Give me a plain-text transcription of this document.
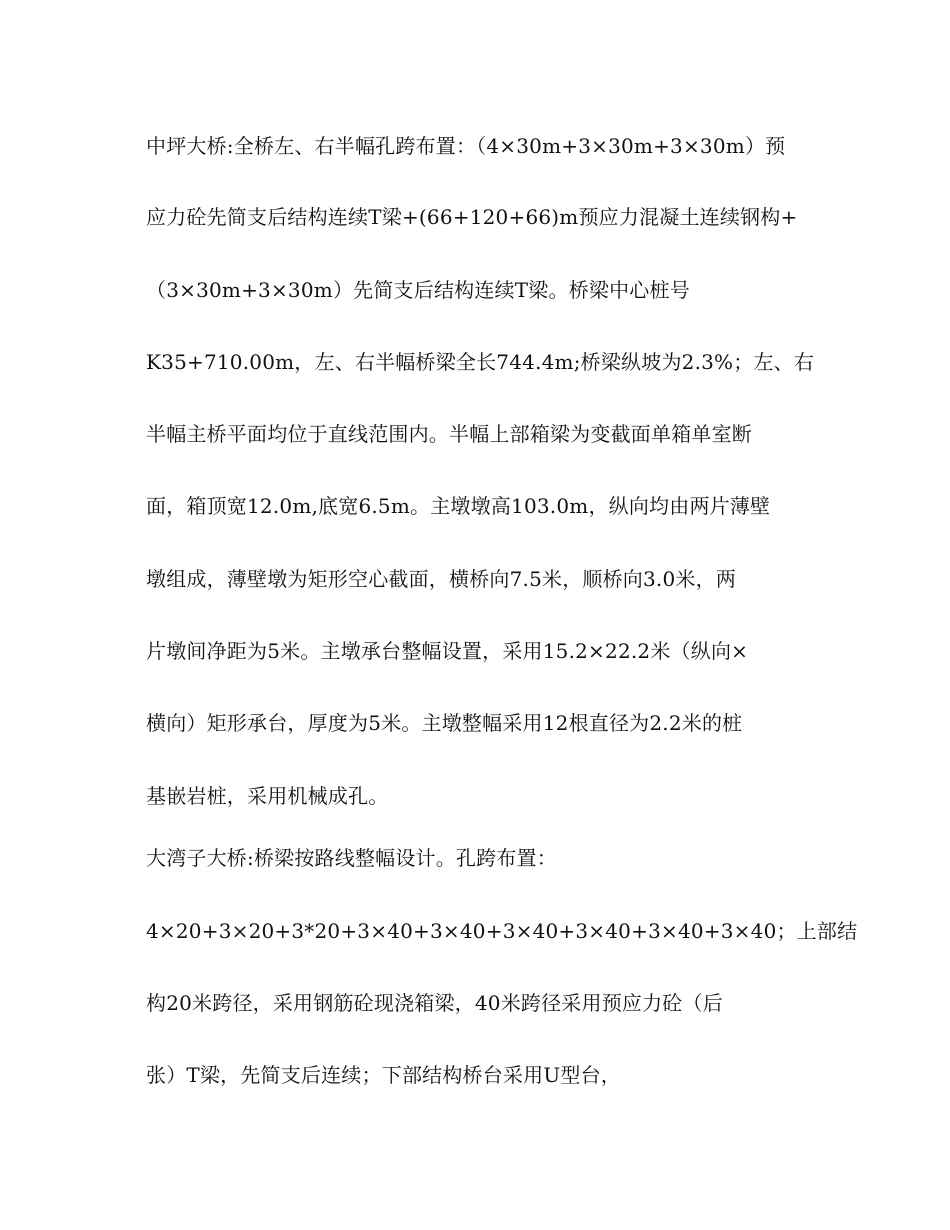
中坪大桥:全桥左、右半幅孔跨布置：（4×30m+3×30m+3×30m）预
应力砼先简支后结构连续T梁+(66+120+66)m预应力混凝土连续钢构+
（3×30m+3×30m）先简支后结构连续T梁。桥梁中心桩号
K35+710.00m，左、右半幅桥梁全长744.4m;桥梁纵坡为2.3%；左、右
半幅主桥平面均位于直线范围内。半幅上部箱梁为变截面单箱单室断
面，箱顶宽12.0m,底宽6.5m。主墩墩高103.0m，纵向均由两片薄壁
墩组成，薄壁墩为矩形空心截面，横桥向7.5米，顺桥向3.0米，两
片墩间净距为5米。主墩承台整幅设置，采用15.2×22.2米（纵向×
横向）矩形承台，厚度为5米。主墩整幅采用12根直径为2.2米的桩
基嵌岩桩，采用机械成孔。
大湾子大桥:桥梁按路线整幅设计。孔跨布置：
4×20+3×20+3*20+3×40+3×40+3×40+3×40+3×40+3×40；上部结
构20米跨径，采用钢筋砼现浇箱梁，40米跨径采用预应力砼（后
张）T梁，先简支后连续；下部结构桥台采用U型台，
